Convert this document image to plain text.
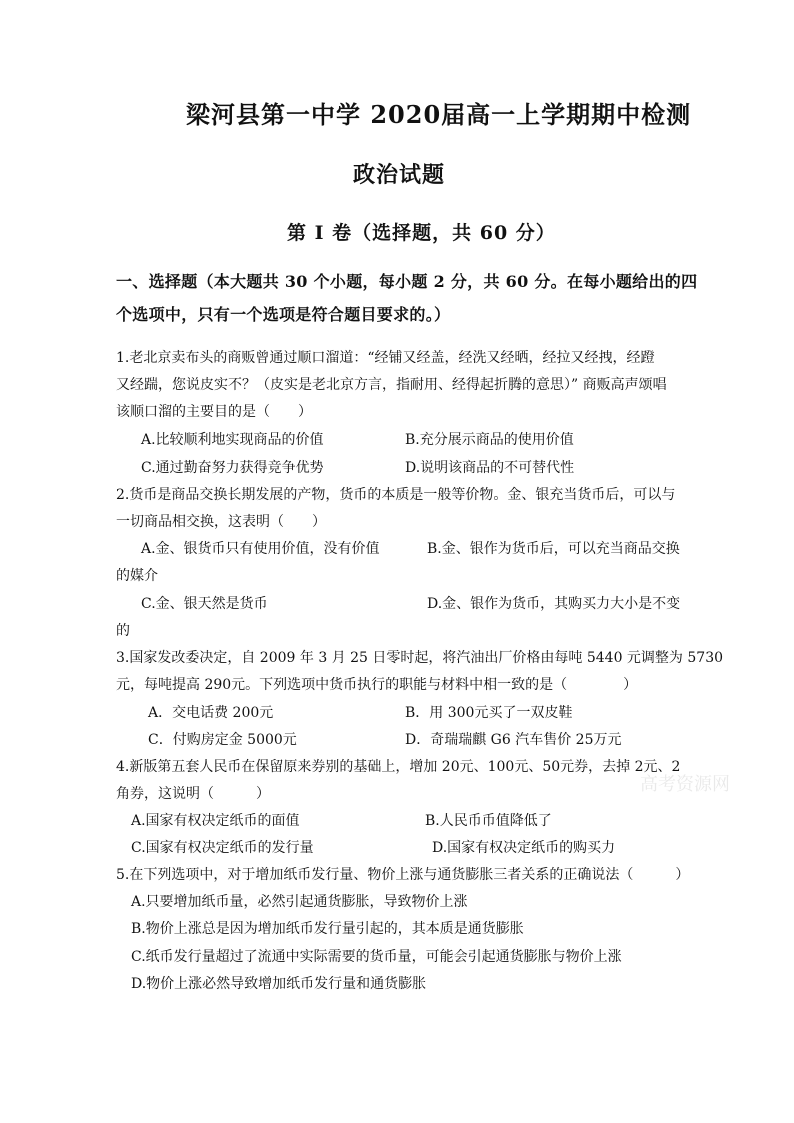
梁河县第一中学 2020届高一上学期期中检测
政治试题
第 I 卷（选择题，共 60 分）
一、选择题（本大题共 30 个小题，每小题 2 分，共 60 分。在每小题给出的四
个选项中，只有一个选项是符合题目要求的。）
1.老北京卖布头的商贩曾通过顺口溜道：“经铺又经盖，经洗又经晒，经拉又经拽，经蹬
又经踹，您说皮实不？（皮实是老北京方言，指耐用、经得起折腾的意思）” 商贩高声颂唱
该顺口溜的主要目的是（　　）
A.比较顺利地实现商品的价值	B.充分展示商品的使用价值
C.通过勤奋努力获得竞争优势	D.说明该商品的不可替代性
2.货币是商品交换长期发展的产物，货币的本质是一般等价物。金、银充当货币后，可以与
一切商品相交换，这表明（　　）
A.金、银货币只有使用价值，没有价值	B.金、银作为货币后，可以充当商品交换
的媒介
C.金、银天然是货币	D.金、银作为货币，其购买力大小是不变
的
3.国家发改委决定，自 2009 年 3 月 25 日零时起，将汽油出厂价格由每吨 5440 元调整为 5730
元，每吨提高 290元。下列选项中货币执行的职能与材料中相一致的是（　　　　）
A．交电话费 200元	B．用 300元买了一双皮鞋
C．付购房定金 5000元	D．奇瑞瑞麒 G6 汽车售价 25万元
4.新版第五套人民币在保留原来券别的基础上，增加 20元、100元、50元券，去掉 2元、2
角券，这说明（　　　）
A.国家有权决定纸币的面值	B.人民币币值降低了
C.国家有权决定纸币的发行量	D.国家有权决定纸币的购买力
5.在下列选项中，对于增加纸币发行量、物价上涨与通货膨胀三者关系的正确说法（　　　）
A.只要增加纸币量，必然引起通货膨胀，导致物价上涨
B.物价上涨总是因为增加纸币发行量引起的，其本质是通货膨胀
C.纸币发行量超过了流通中实际需要的货币量，可能会引起通货膨胀与物价上涨
D.物价上涨必然导致增加纸币发行量和通货膨胀
高考资源网
